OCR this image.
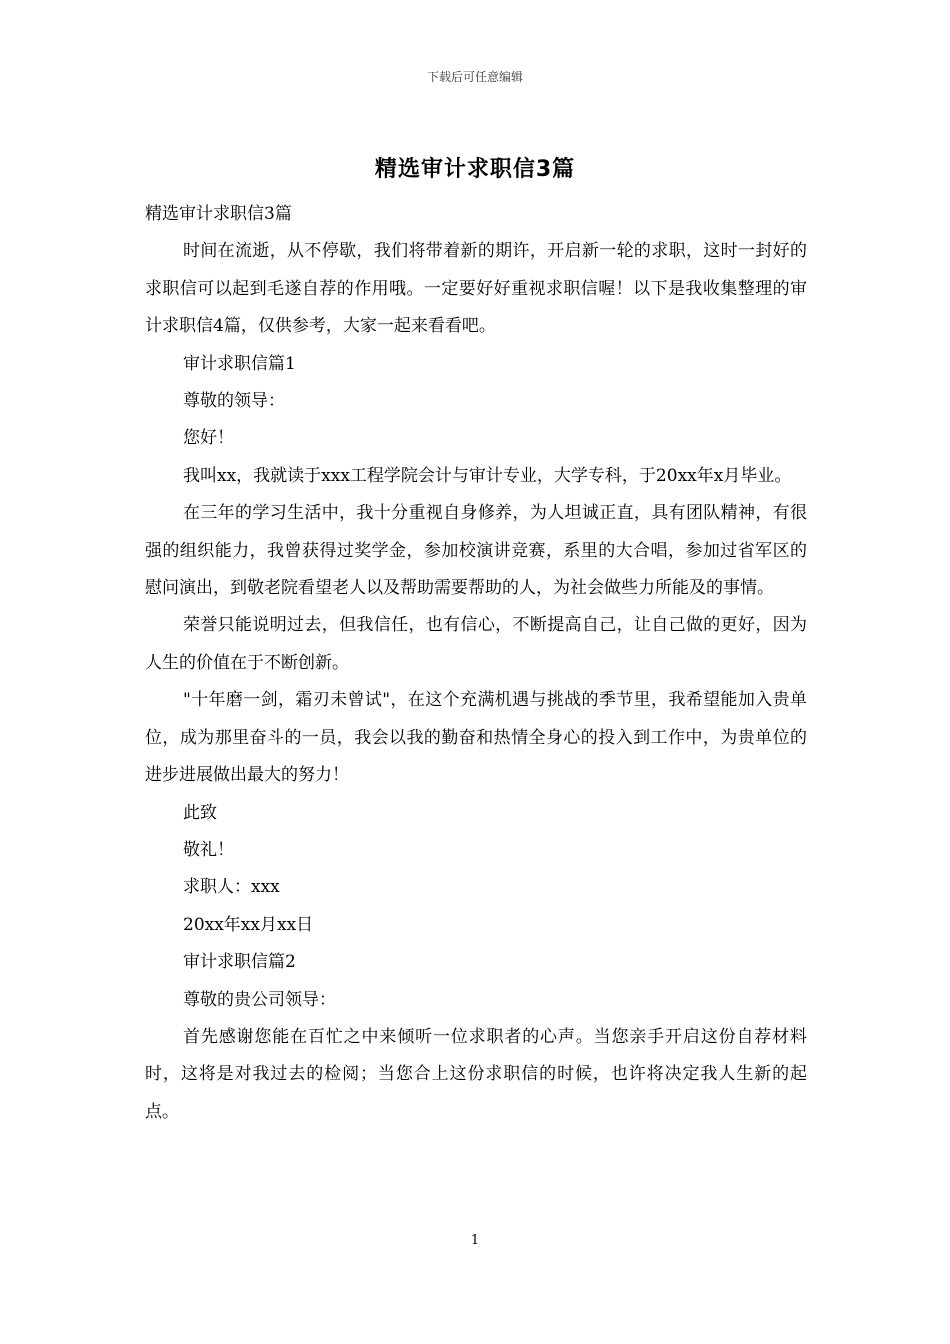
下载后可任意编辑
精选审计求职信3篇

精选审计求职信3篇

时间在流逝，从不停歇，我们将带着新的期许，开启新一轮的求职，这时一封好的求职信可以起到毛遂自荐的作用哦。一定要好好重视求职信喔！以下是我收集整理的审计求职信4篇，仅供参考，大家一起来看看吧。

审计求职信篇1

尊敬的领导：

您好！

我叫xx，我就读于xxx工程学院会计与审计专业，大学专科，于20xx年x月毕业。

在三年的学习生活中，我十分重视自身修养，为人坦诚正直，具有团队精神，有很强的组织能力，我曾获得过奖学金，参加校演讲竞赛，系里的大合唱，参加过省军区的慰问演出，到敬老院看望老人以及帮助需要帮助的人，为社会做些力所能及的事情。

荣誉只能说明过去，但我信任，也有信心，不断提高自己，让自己做的更好，因为人生的价值在于不断创新。

"十年磨一剑，霜刃未曾试"，在这个充满机遇与挑战的季节里，我希望能加入贵单位，成为那里奋斗的一员，我会以我的勤奋和热情全身心的投入到工作中，为贵单位的进步进展做出最大的努力！

此致

敬礼！

求职人：xxx

20xx年xx月xx日

审计求职信篇2

尊敬的贵公司领导：

首先感谢您能在百忙之中来倾听一位求职者的心声。当您亲手开启这份自荐材料时，这将是对我过去的检阅；当您合上这份求职信的时候，也许将决定我人生新的起点。

1
